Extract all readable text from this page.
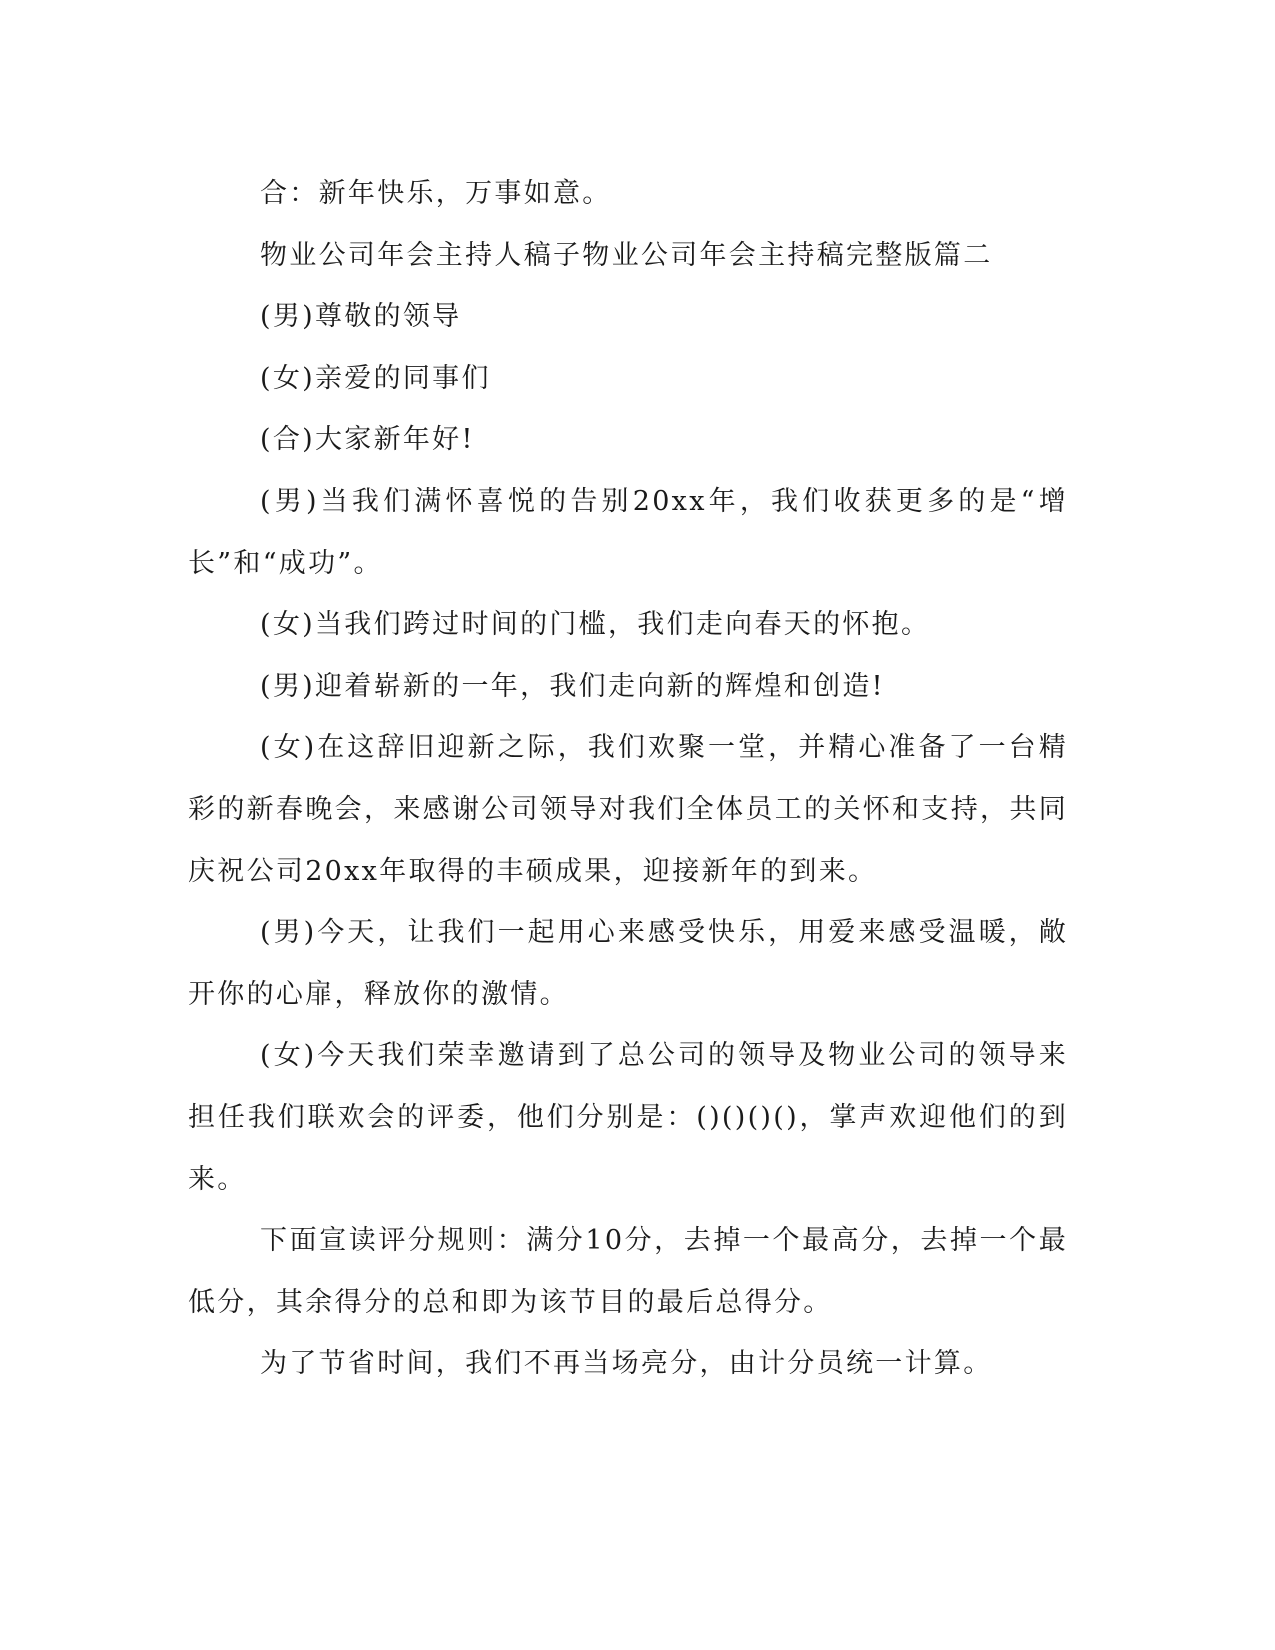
合：新年快乐，万事如意。

物业公司年会主持人稿子物业公司年会主持稿完整版篇二

(男)尊敬的领导

(女)亲爱的同事们

(合)大家新年好!

(男)当我们满怀喜悦的告别20xx年，我们收获更多的是“增长”和“成功”。

(女)当我们跨过时间的门槛，我们走向春天的怀抱。

(男)迎着崭新的一年，我们走向新的辉煌和创造!

(女)在这辞旧迎新之际，我们欢聚一堂，并精心准备了一台精彩的新春晚会，来感谢公司领导对我们全体员工的关怀和支持，共同庆祝公司20xx年取得的丰硕成果，迎接新年的到来。

(男)今天，让我们一起用心来感受快乐，用爱来感受温暖，敞开你的心扉，释放你的激情。

(女)今天我们荣幸邀请到了总公司的领导及物业公司的领导来担任我们联欢会的评委，他们分别是：()()()()，掌声欢迎他们的到来。

下面宣读评分规则：满分10分，去掉一个最高分，去掉一个最低分，其余得分的总和即为该节目的最后总得分。

为了节省时间，我们不再当场亮分，由计分员统一计算。
